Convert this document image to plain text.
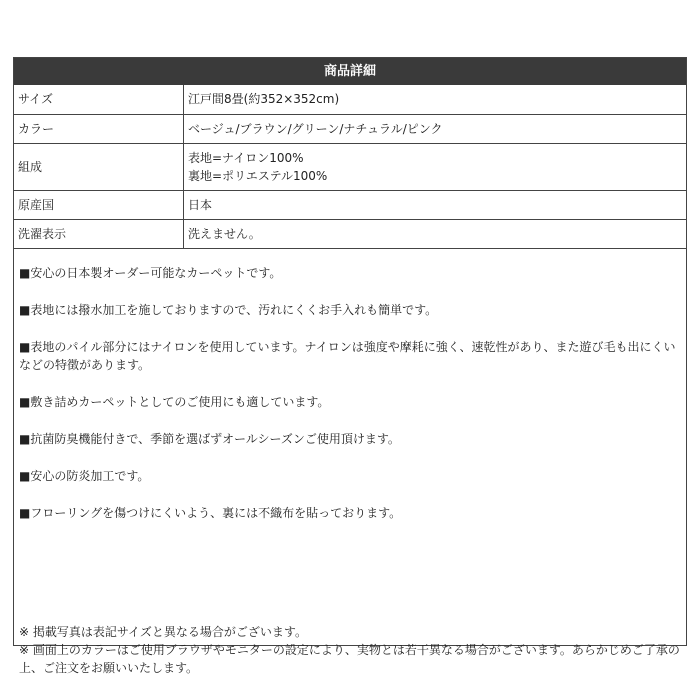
商品詳細
サイズ	江戸間8畳(約352×352cm)
カラー	ベージュ/ブラウン/グリーン/ナチュラル/ピンク
組成	表地=ナイロン100%
裏地=ポリエステル100%

原産国	日本
洗濯表示	洗えません。

■安心の日本製オーダー可能なカーペットです。

■表地には撥水加工を施しておりますので、汚れにくくお手入れも簡単です。

■表地のパイル部分にはナイロンを使用しています。ナイロンは強度や摩耗に強く、速乾性があり、また遊び毛も出にくいなどの特徴があります。

■敷き詰めカーペットとしてのご使用にも適しています。

■抗菌防臭機能付きで、季節を選ばずオールシーズンご使用頂けます。

■安心の防炎加工です。

■フローリングを傷つけにくいよう、裏には不織布を貼っております。

※ 掲載写真は表記サイズと異なる場合がございます。

※ 画面上のカラーはご使用ブラウザやモニターの設定により、実物とは若干異なる場合がございます。あらかじめご了承の上、ご注文をお願いいたします。
